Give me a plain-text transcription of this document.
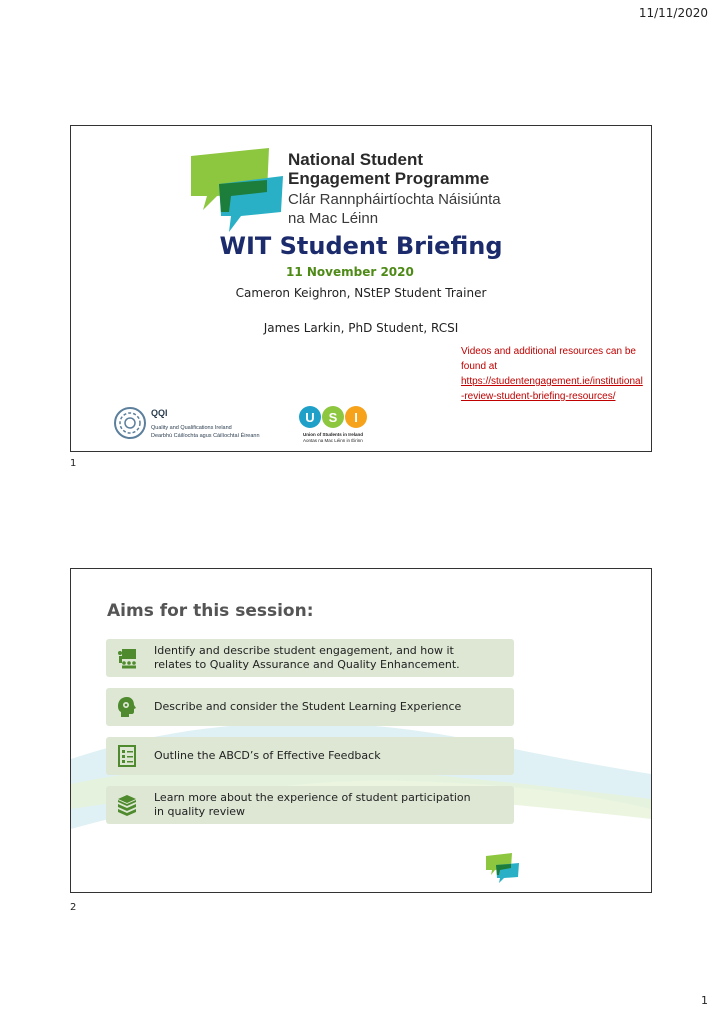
11/11/2020
National Student
Engagement Programme
Clár Rannpháirtíochta Náisiúnta
na Mac Léinn
WIT Student Briefing
11 November 2020
Cameron Keighron, NStEP Student Trainer
James Larkin, PhD Student, RCSI
Videos and additional resources can be found at
https://studentengagement.ie/institutional-review-student-briefing-resources/
QQI
Quality and Qualifications Ireland
Dearbhú Cáilíochta agus Cáilíochtaí Éireann
U S I
Union of Students in Ireland
Aontas na Mac Léinn in Éirinn
1
Aims for this session:
Identify and describe student engagement, and how it
relates to Quality Assurance and Quality Enhancement.
Describe and consider the Student Learning Experience
Outline the ABCD’s of Effective Feedback
Learn more about the experience of student participation
in quality review
2
1
